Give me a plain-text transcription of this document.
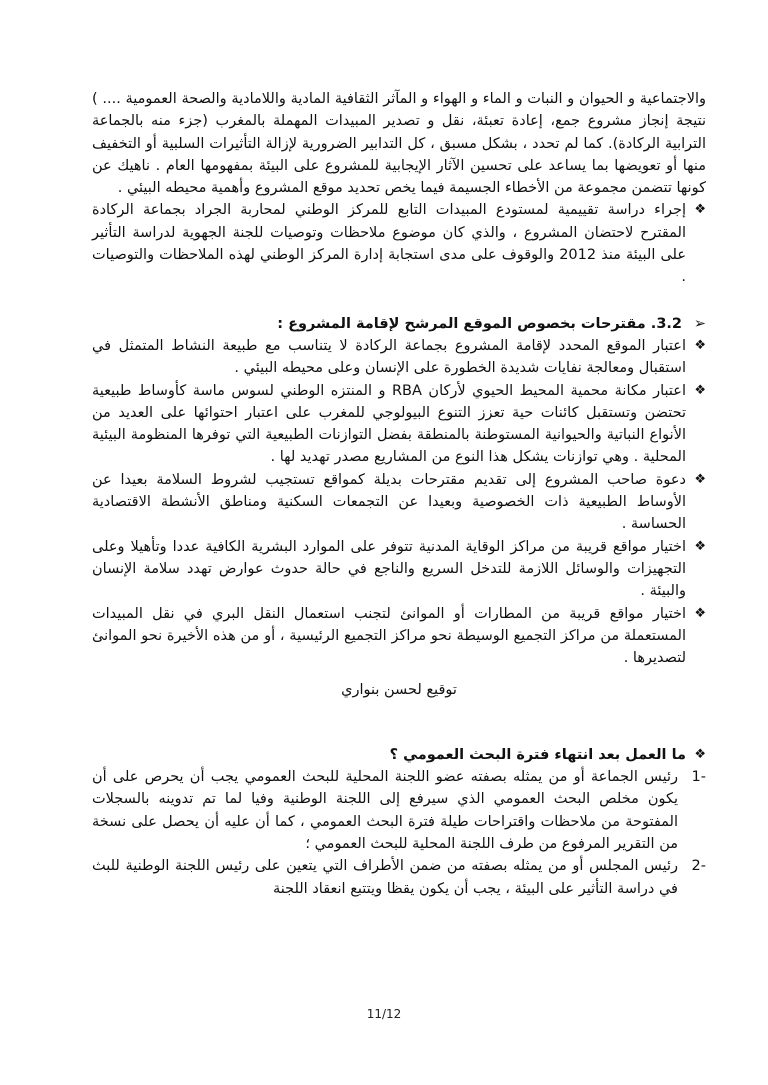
والاجتماعية و الحيوان و النبات و الماء و الهواء و المآثر الثقافية المادية واللامادية والصحة العمومية .... ) نتيجة إنجاز مشروع جمع، إعادة تعبئة، نقل و تصدير المبيدات المهملة بالمغرب (جزء منه بالجماعة الترابية الركادة). كما لم تحدد ، بشكل مسبق ، كل التدابير الضرورية لإزالة التأثيرات السلبية أو التخفيف منها أو تعويضها بما يساعد على تحسين الآثار الإيجابية للمشروع على البيئة بمفهومها العام . ناهيك عن كونها تتضمن مجموعة من الأخطاء الجسيمة فيما يخص تحديد موقع المشروع وأهمية محيطه البيئي .

❖
إجراء دراسة تقييمية لمستودع المبيدات التابع للمركز الوطني لمحاربة الجراد بجماعة الركادة المقترح لاحتضان المشروع ، والذي كان موضوع ملاحظات وتوصيات للجنة الجهوية لدراسة التأثير على البيئة منذ 2012 والوقوف على مدى استجابة إدارة المركز الوطني لهذه الملاحظات والتوصيات .
➢
3.2. مقترحات بخصوص الموقع المرشح لإقامة المشروع :
❖
اعتبار الموقع المحدد لإقامة المشروع بجماعة الركادة لا يتناسب مع طبيعة النشاط المتمثل في استقبال ومعالجة نفايات شديدة الخطورة على الإنسان وعلى محيطه البيئي .
❖
اعتبار مكانة محمية المحيط الحيوي لأركان RBA و المنتزه الوطني لسوس ماسة كأوساط طبيعية تحتضن وتستقبل كائنات حية تعزز التنوع البيولوجي للمغرب على اعتبار احتوائها على العديد من الأنواع النباتية والحيوانية المستوطنة بالمنطقة بفضل التوازنات الطبيعية التي توفرها المنظومة البيئية المحلية . وهي توازنات يشكل هذا النوع من المشاريع مصدر تهديد لها .
❖
دعوة صاحب المشروع إلى تقديم مقترحات بديلة كمواقع تستجيب لشروط السلامة بعيدا عن الأوساط الطبيعية ذات الخصوصية وبعيدا عن التجمعات السكنية ومناطق الأنشطة الاقتصادية الحساسة .
❖
اختيار مواقع قريبة من مراكز الوقاية المدنية تتوفر على الموارد البشرية الكافية عددا وتأهيلا وعلى التجهيزات والوسائل اللازمة للتدخل السريع والناجع في حالة حدوث عوارض تهدد سلامة الإنسان والبيئة .
❖
اختيار مواقع قريبة من المطارات أو الموانئ لتجنب استعمال النقل البري في نقل المبيدات المستعملة من مراكز التجميع الوسيطة نحو مراكز التجميع الرئيسية ، أو من هذه الأخيرة نحو الموانئ لتصديرها .

توقيع لحسن بنواري

❖
ما العمل بعد انتهاء فترة البحث العمومي ؟
-1
رئيس الجماعة أو من يمثله بصفته عضو اللجنة المحلية للبحث العمومي يجب أن يحرص على أن يكون مخلص البحث العمومي الذي سيرفع إلى اللجنة الوطنية وفيا لما تم تدوينه بالسجلات المفتوحة من ملاحظات واقتراحات طيلة فترة البحث العمومي ، كما أن عليه أن يحصل على نسخة من التقرير المرفوع من طرف اللجنة المحلية للبحث العمومي ؛
-2
رئيس المجلس أو من يمثله بصفته من ضمن الأطراف التي يتعين على رئيس اللجنة الوطنية للبث في دراسة التأثير على البيئة ، يجب أن يكون يقظا ويتتبع انعقاد اللجنة
11/12
